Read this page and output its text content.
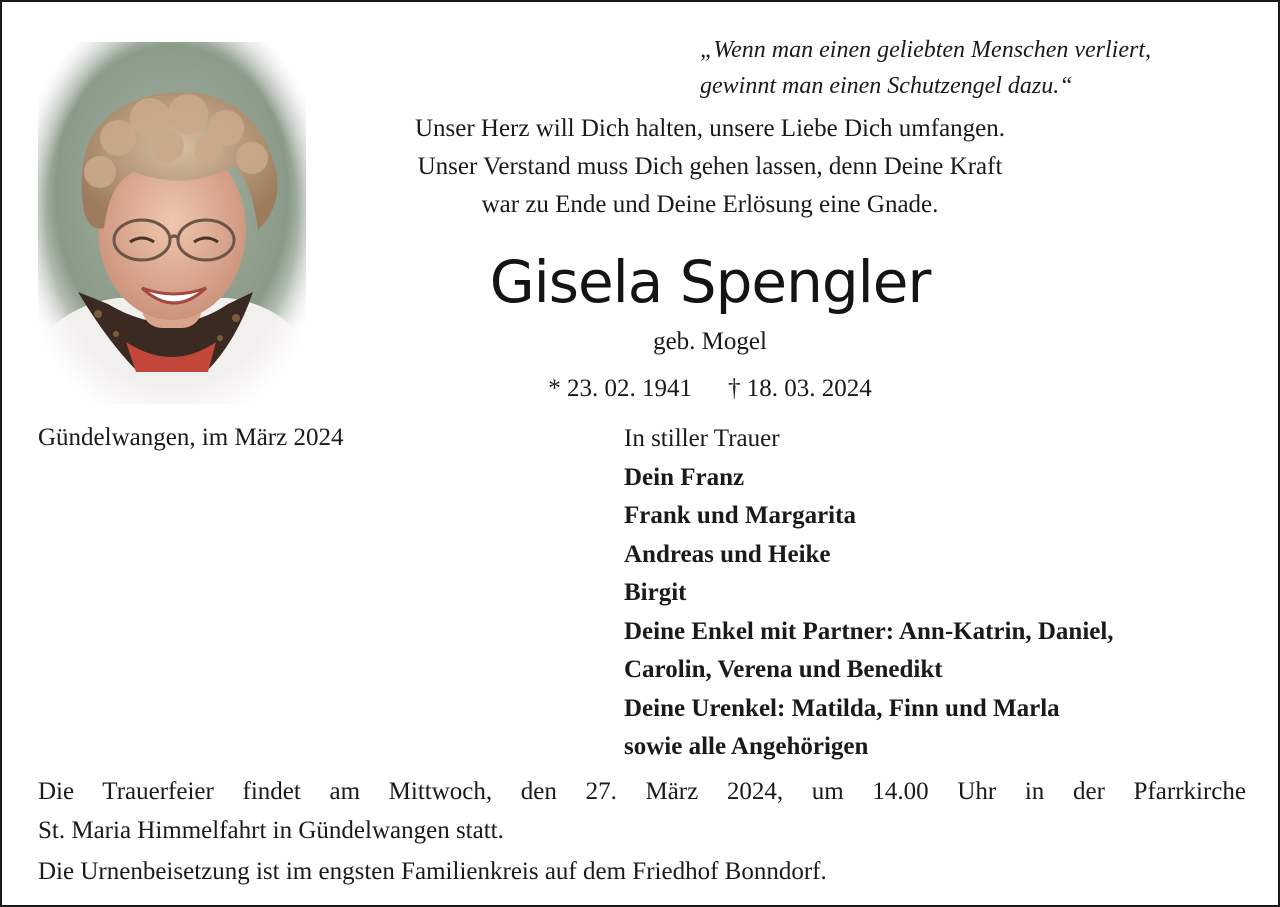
„Wenn man einen geliebten Menschen verliert,
gewinnt man einen Schutzengel dazu.“
Unser Herz will Dich halten, unsere Liebe Dich umfangen.
Unser Verstand muss Dich gehen lassen, denn Deine Kraft
war zu Ende und Deine Erlösung eine Gnade.
Gisela Spengler
geb. Mogel
* 23. 02. 1941 † 18. 03. 2024
Gündelwangen, im März 2024	In stiller Trauer
Dein Franz
Frank und Margarita
Andreas und Heike
Birgit
Deine Enkel mit Partner: Ann-Katrin, Daniel,
Carolin, Verena und Benedikt
Deine Urenkel: Matilda, Finn und Marla
sowie alle Angehörigen
Die Trauerfeier findet am Mittwoch, den 27. März 2024, um 14.00 Uhr in der Pfarrkirche
St. Maria Himmelfahrt in Gündelwangen statt.
Die Urnenbeisetzung ist im engsten Familienkreis auf dem Friedhof Bonndorf.
